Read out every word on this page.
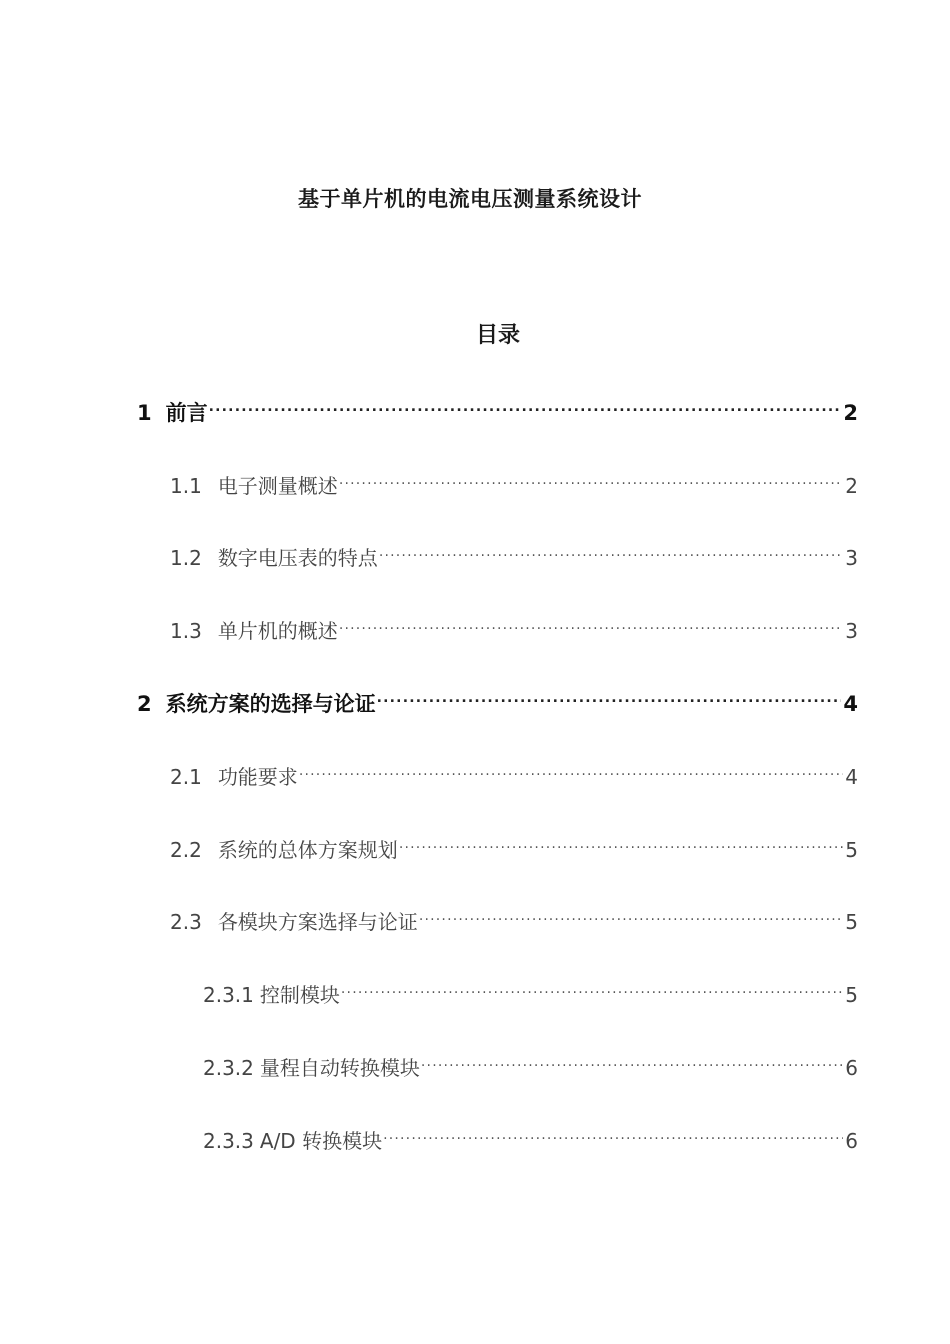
基于单片机的电流电压测量系统设计
目录
1 前言 .....	2
1.1 电子测量概述 .....	2
1.2 数字电压表的特点 .....	3
1.3 单片机的概述 .....	3
2 系统方案的选择与论证 .....	4
2.1 功能要求 .....	4
2.2 系统的总体方案规划 .....	5
2.3 各模块方案选择与论证 .....	5
2.3.1 控制模块 .....	5
2.3.2 量程自动转换模块 .....	6
2.3.3 A/D 转换模块 .....	6
